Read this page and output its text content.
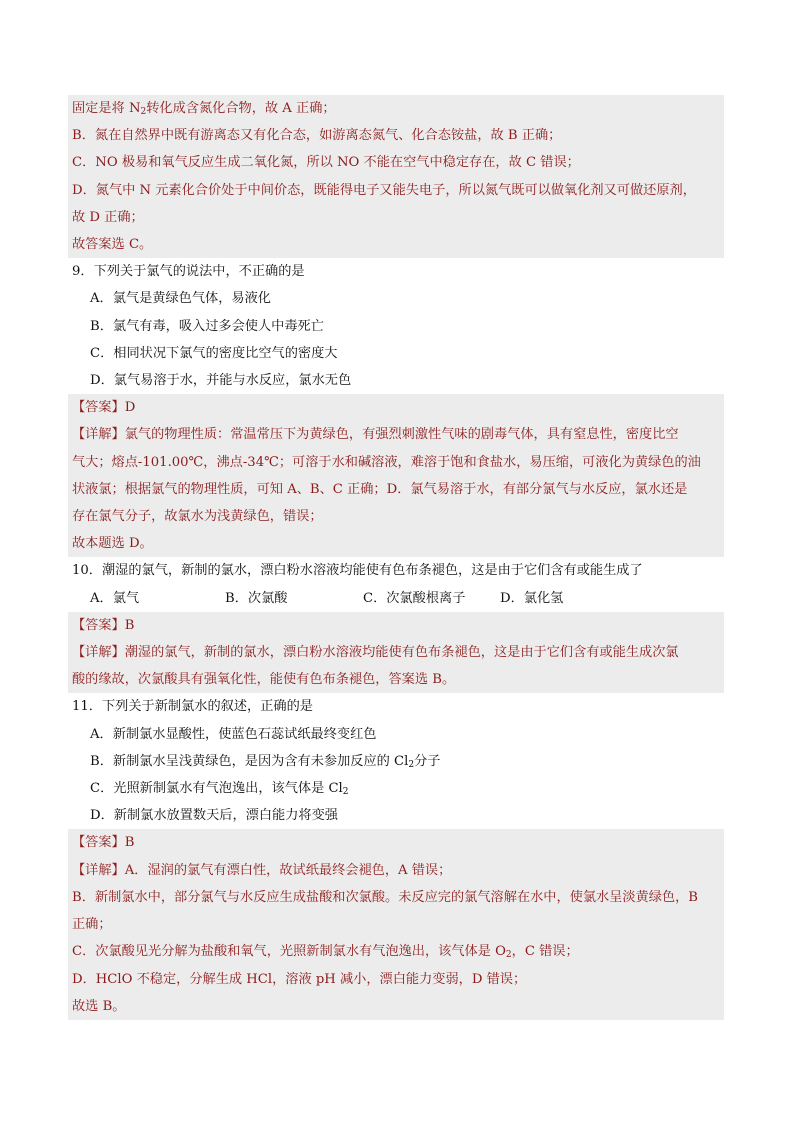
固定是将 $N_2$转化成含氮化合物，故 A 正确；

B．氮在自然界中既有游离态又有化合态，如游离态氮气、化合态铵盐，故 B 正确；

C．NO 极易和氧气反应生成二氧化氮，所以 NO 不能在空气中稳定存在，故 C 错误；

D．氮气中 N 元素化合价处于中间价态，既能得电子又能失电子，所以氮气既可以做氧化剂又可做还原剂，

故 D 正确；

故答案选 C。

9．下列关于氯气的说法中，不正确的是

A．氯气是黄绿色气体，易液化

B．氯气有毒，吸入过多会使人中毒死亡

C．相同状况下氯气的密度比空气的密度大

D．氯气易溶于水，并能与水反应，氯水无色

【答案】D

【详解】氯气的物理性质：常温常压下为黄绿色，有强烈刺激性气味的剧毒气体，具有窒息性，密度比空

气大；熔点-101.00℃，沸点-34℃；可溶于水和碱溶液，难溶于饱和食盐水，易压缩，可液化为黄绿色的油

状液氯；根据氯气的物理性质，可知 A、B、C 正确；D．氯气易溶于水，有部分氯气与水反应，氯水还是

存在氯气分子，故氯水为浅黄绿色，错误；

故本题选 D。

10．潮湿的氯气，新制的氯水，漂白粉水溶液均能使有色布条褪色，这是由于它们含有或能生成了

A．氯气	B．次氯酸	C．次氯酸根离子	D．氯化氢

【答案】B

【详解】潮湿的氯气，新制的氯水，漂白粉水溶液均能使有色布条褪色，这是由于它们含有或能生成次氯

酸的缘故，次氯酸具有强氧化性，能使有色布条褪色，答案选 B。

11．下列关于新制氯水的叙述，正确的是

A．新制氯水显酸性，使蓝色石蕊试纸最终变红色

B．新制氯水呈浅黄绿色，是因为含有未参加反应的 $Cl_2$分子

C．光照新制氯水有气泡逸出，该气体是 $Cl_2$

D．新制氯水放置数天后，漂白能力将变强

【答案】B

【详解】A．湿润的氯气有漂白性，故试纸最终会褪色，A 错误；

B．新制氯水中，部分氯气与水反应生成盐酸和次氯酸。未反应完的氯气溶解在水中，使氯水呈淡黄绿色，B

正确；

C．次氯酸见光分解为盐酸和氧气，光照新制氯水有气泡逸出，该气体是 $O_2$，C 错误；

D．HClO 不稳定，分解生成 HCl，溶液 pH 减小，漂白能力变弱，D 错误；

故选 B。
